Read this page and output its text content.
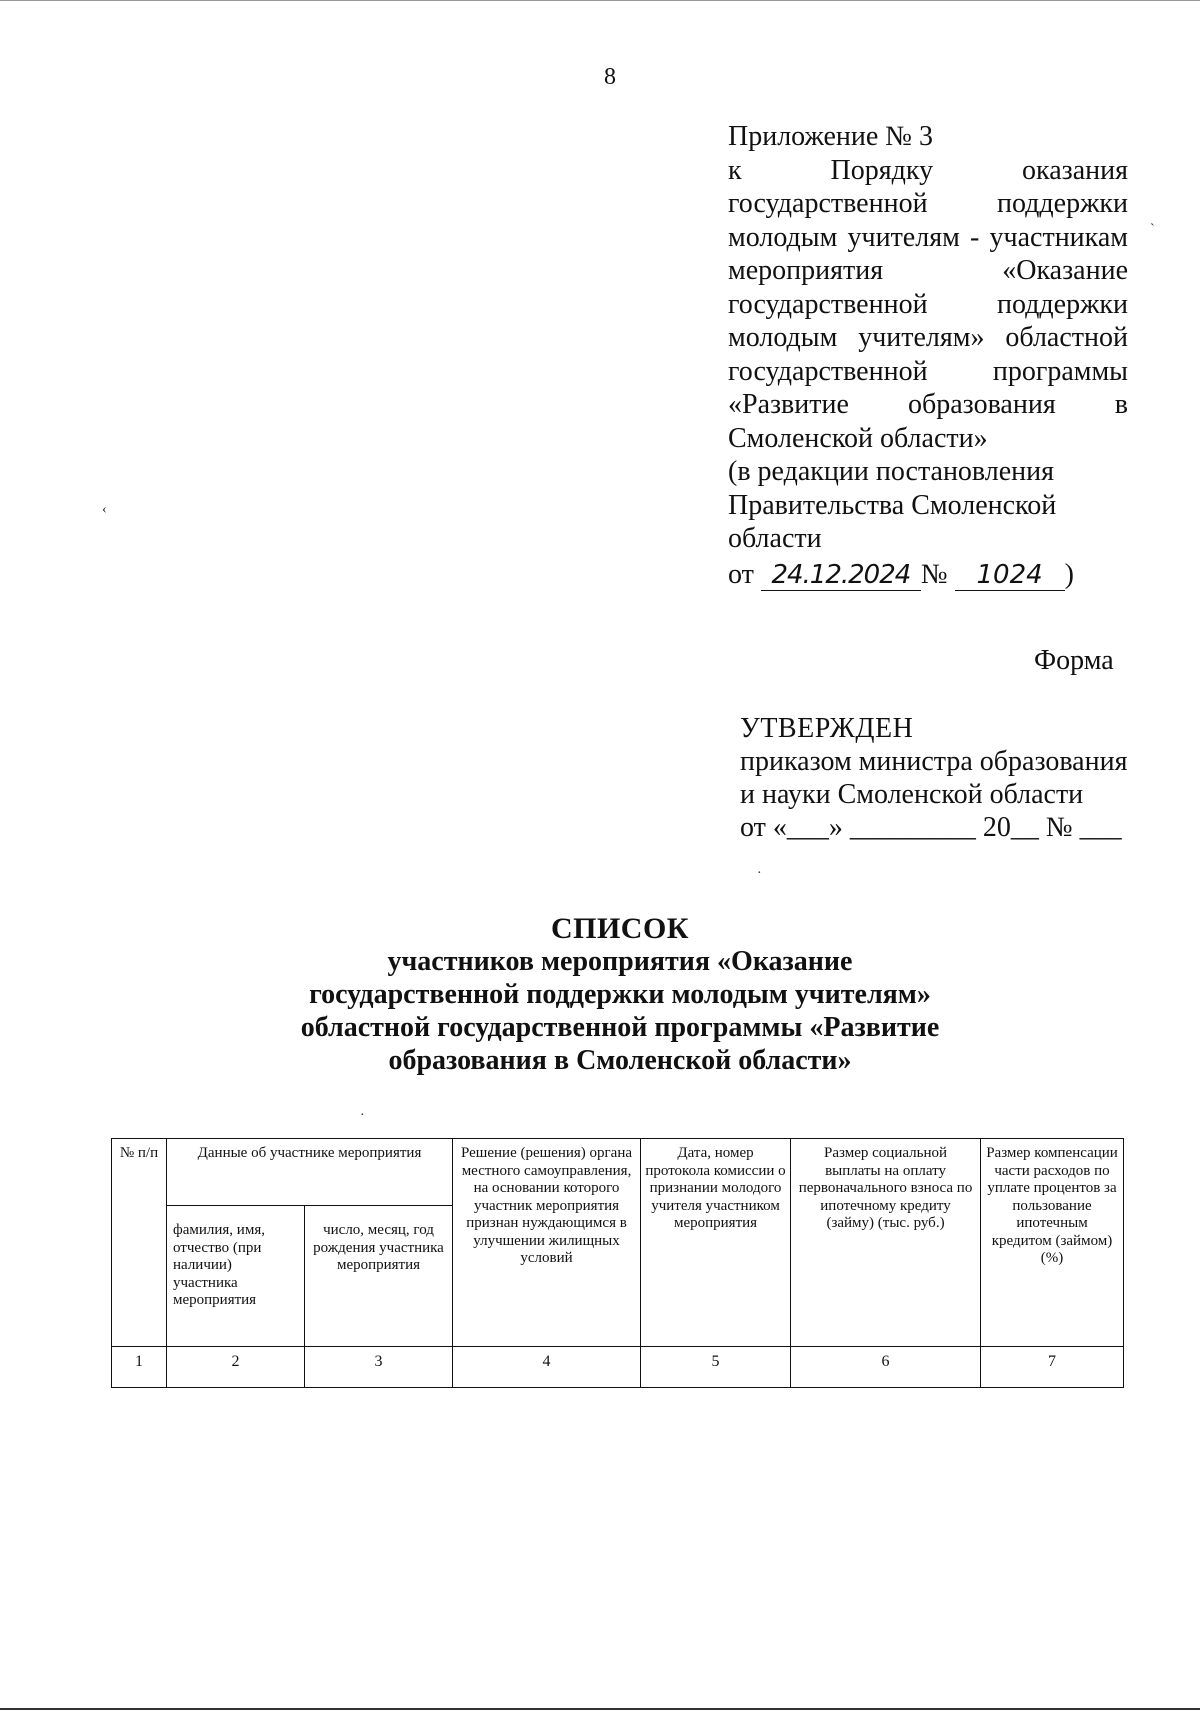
8
Приложение № 3
к	Порядку	оказания
государственной поддержки
молодым учителям - участникам
мероприятия	«Оказание
государственной поддержки
молодым учителям» областной
государственной программы
«Развитие образования в
Смоленской области»
(в редакции постановления
Правительства Смоленской
области
от 24.12.2024 № 1024 )
Форма
УТВЕРЖДЕН
приказом министра образования
и науки Смоленской области
от «___» _________ 20__ № ___
СПИСОК
участников мероприятия «Оказание
государственной поддержки молодым учителям»
областной государственной программы «Развитие
образования в Смоленской области»
№ п/п	Данные об участнике мероприятия		Решение (решения) органа местного самоуправления, на основании которого участник мероприятия признан нуждающимся в улучшении жилищных условий	Дата, номер протокола комиссии о признании молодого учителя участником мероприятия	Размер социальной выплаты на оплату первоначального взноса по ипотечному кредиту (займу) (тыс. руб.)	Размер компенсации части расходов по уплате процентов за пользование ипотечным кредитом (займом) (%)
	фамилия, имя, отчество (при наличии) участника мероприятия	число, месяц, год рождения участника мероприятия				
1	2	3	4	5	6	7
‹
ˋ
·
·
